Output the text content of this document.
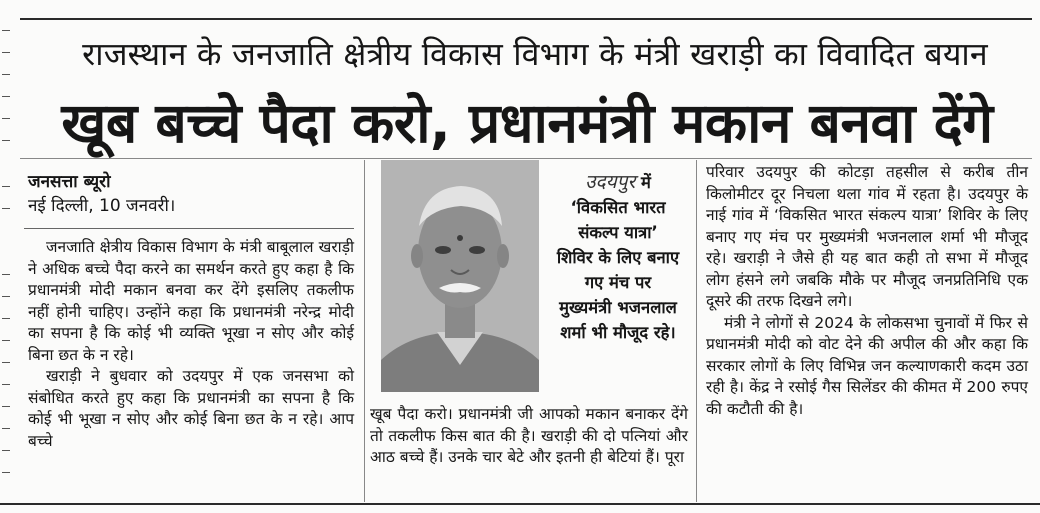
राजस्थान के जनजाति क्षेत्रीय विकास विभाग के मंत्री खराड़ी का विवादित बयान
खूब बच्चे पैदा करो, प्रधानमंत्री मकान बनवा देंगे
जनसत्ता ब्यूरो
नई दिल्ली, 10 जनवरी।

जनजाति क्षेत्रीय विकास विभाग के मंत्री बाबूलाल खराड़ी ने अधिक बच्चे पैदा करने का समर्थन करते हुए कहा है कि प्रधानमंत्री मोदी मकान बनवा कर देंगे इसलिए तकलीफ नहीं होनी चाहिए। उन्होंने कहा कि प्रधानमंत्री नरेन्द्र मोदी का सपना है कि कोई भी व्यक्ति भूखा न सोए और कोई बिना छत के न रहे।

खराड़ी ने बुधवार को उदयपुर में एक जनसभा को संबोधित करते हुए कहा कि प्रधानमंत्री का सपना है कि कोई भी भूखा न सोए और कोई बिना छत के न रहे। आप बच्चे

उदयपुर में
‘विकसित भारत
संकल्प यात्रा’
शिविर के लिए बनाए
गए मंच पर
मुख्यमंत्री भजनलाल
शर्मा भी मौजूद रहे।

खूब पैदा करो। प्रधानमंत्री जी आपको मकान बनाकर देंगे तो तकलीफ किस बात की है। खराड़ी की दो पत्नियां और आठ बच्चे हैं। उनके चार बेटे और इतनी ही बेटियां हैं। पूरा

परिवार उदयपुर की कोटड़ा तहसील से करीब तीन किलोमीटर दूर निचला थला गांव में रहता है। उदयपुर के नाई गांव में ‘विकसित भारत संकल्प यात्रा’ शिविर के लिए बनाए गए मंच पर मुख्यमंत्री भजनलाल शर्मा भी मौजूद रहे। खराड़ी ने जैसे ही यह बात कही तो सभा में मौजूद लोग हंसने लगे जबकि मौके पर मौजूद जनप्रतिनिधि एक दूसरे की तरफ दिखने लगे।

मंत्री ने लोगों से 2024 के लोकसभा चुनावों में फिर से प्रधानमंत्री मोदी को वोट देने की अपील की और कहा कि सरकार लोगों के लिए विभिन्न जन कल्याणकारी कदम उठा रही है। केंद्र ने रसोई गैस सिलेंडर की कीमत में 200 रुपए की कटौती की है।
